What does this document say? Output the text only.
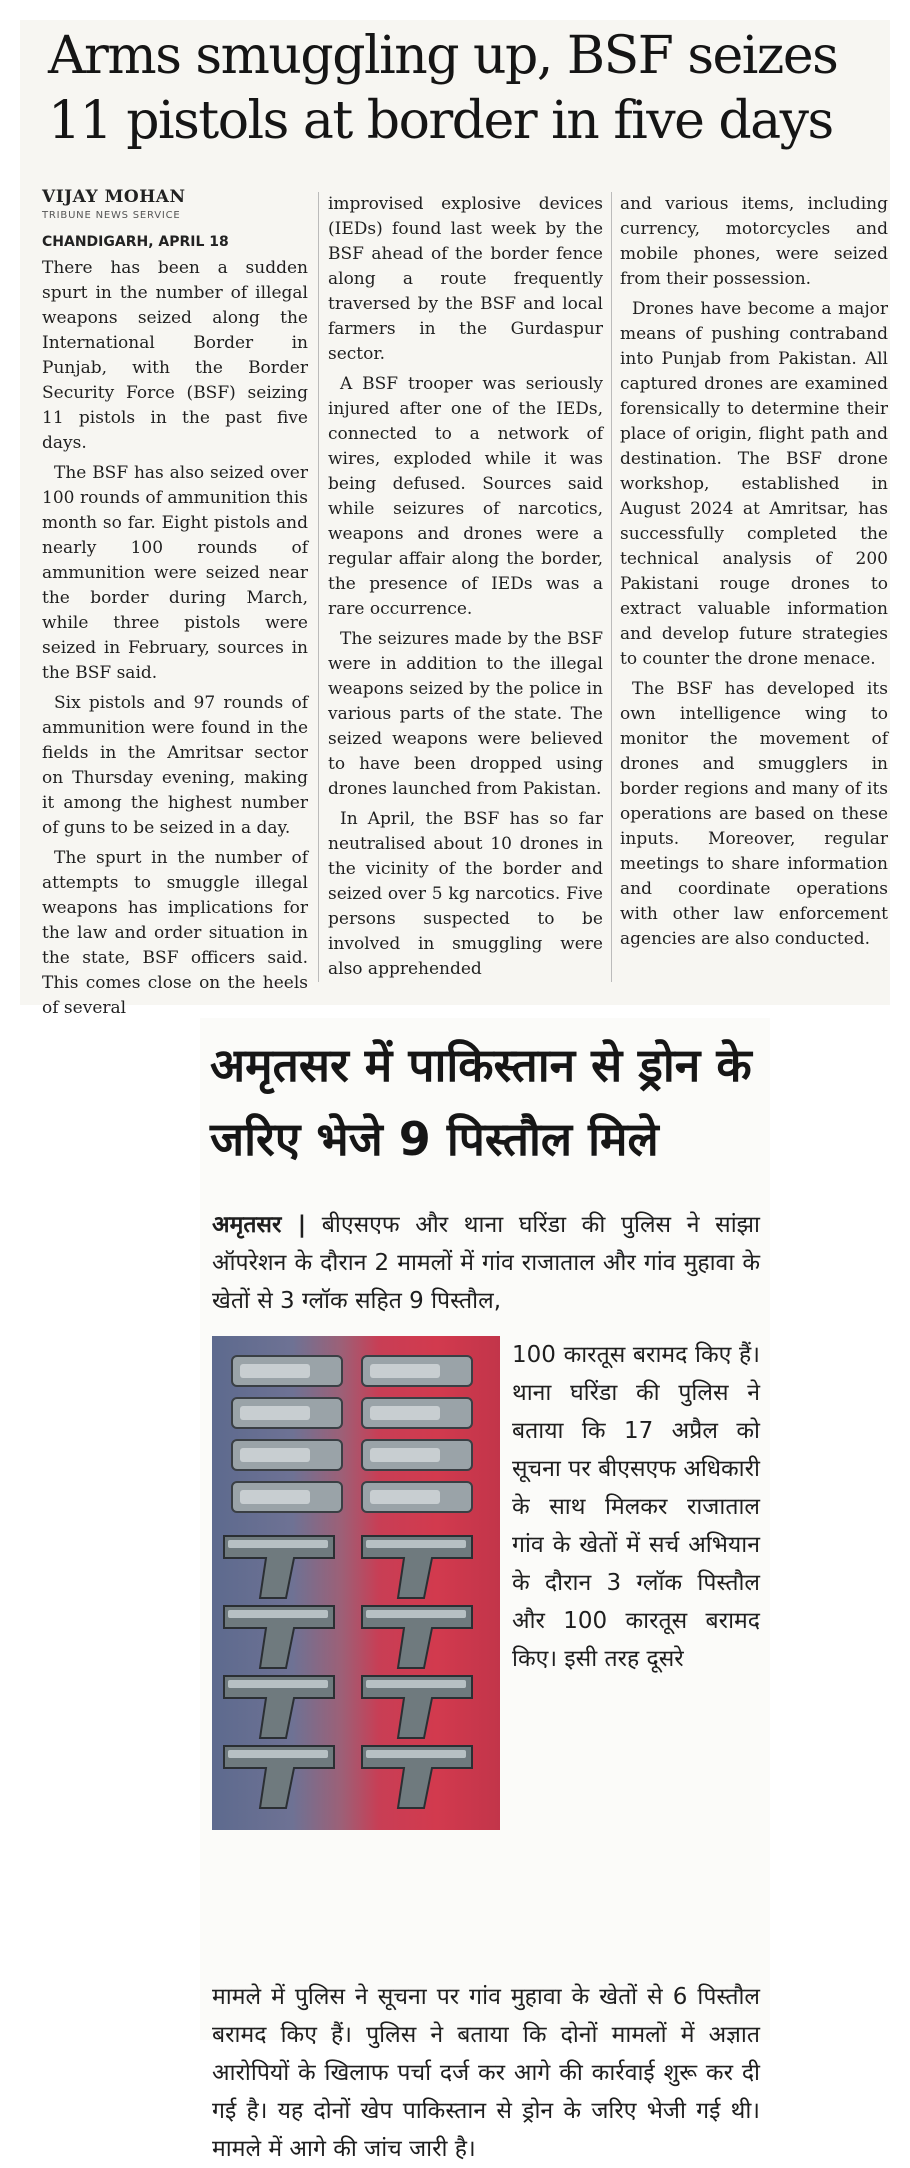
Arms smuggling up, BSF seizes 11 pistols at border in five days
VIJAY MOHAN
TRIBUNE NEWS SERVICE
CHANDIGARH, APRIL 18

There has been a sudden spurt in the number of illegal weapons seized along the International Border in Punjab, with the Border Security Force (BSF) seizing 11 pistols in the past five days.

The BSF has also seized over 100 rounds of ammunition this month so far. Eight pistols and nearly 100 rounds of ammunition were seized near the border during March, while three pistols were seized in February, sources in the BSF said.

Six pistols and 97 rounds of ammunition were found in the fields in the Amritsar sector on Thursday evening, making it among the highest number of guns to be seized in a day.

The spurt in the number of attempts to smuggle illegal weapons has implications for the law and order situation in the state, BSF officers said. This comes close on the heels of several

improvised explosive devices (IEDs) found last week by the BSF ahead of the border fence along a route frequently traversed by the BSF and local farmers in the Gurdaspur sector.

A BSF trooper was seriously injured after one of the IEDs, connected to a network of wires, exploded while it was being defused. Sources said while seizures of narcotics, weapons and drones were a regular affair along the border, the presence of IEDs was a rare occurrence.

The seizures made by the BSF were in addition to the illegal weapons seized by the police in various parts of the state. The seized weapons were believed to have been dropped using drones launched from Pakistan.

In April, the BSF has so far neutralised about 10 drones in the vicinity of the border and seized over 5 kg narcotics. Five persons suspected to be involved in smuggling were also apprehended

and various items, including currency, motorcycles and mobile phones, were seized from their possession.

Drones have become a major means of pushing contraband into Punjab from Pakistan. All captured drones are examined forensically to determine their place of origin, flight path and destination. The BSF drone workshop, established in August 2024 at Amritsar, has successfully completed the technical analysis of 200 Pakistani rouge drones to extract valuable information and develop future strategies to counter the drone menace.

The BSF has developed its own intelligence wing to monitor the movement of drones and smugglers in border regions and many of its operations are based on these inputs. Moreover, regular meetings to share information and coordinate operations with other law enforcement agencies are also conducted.

अमृतसर में पाकिस्तान से ड्रोन के जरिए भेजे 9 पिस्तौल मिले
अमृतसर | बीएसएफ और थाना घरिंडा की पुलिस ने सांझा ऑपरेशन के दौरान 2 मामलों में गांव राजाताल और गांव मुहावा के खेतों से 3 ग्लॉक सहित 9 पिस्तौल,
100 कारतूस बरामद किए हैं। थाना घरिंडा की पुलिस ने बताया कि 17 अप्रैल को सूचना पर बीएसएफ अधिकारी के साथ मिलकर राजाताल गांव के खेतों में सर्च अभियान के दौरान 3 ग्लॉक पिस्तौल और 100 कारतूस बरामद किए। इसी तरह दूसरे
मामले में पुलिस ने सूचना पर गांव मुहावा के खेतों से 6 पिस्तौल बरामद किए हैं। पुलिस ने बताया कि दोनों मामलों में अज्ञात आरोपियों के खिलाफ पर्चा दर्ज कर आगे की कार्रवाई शुरू कर दी गई है। यह दोनों खेप पाकिस्तान से ड्रोन के जरिए भेजी गई थी। मामले में आगे की जांच जारी है।
